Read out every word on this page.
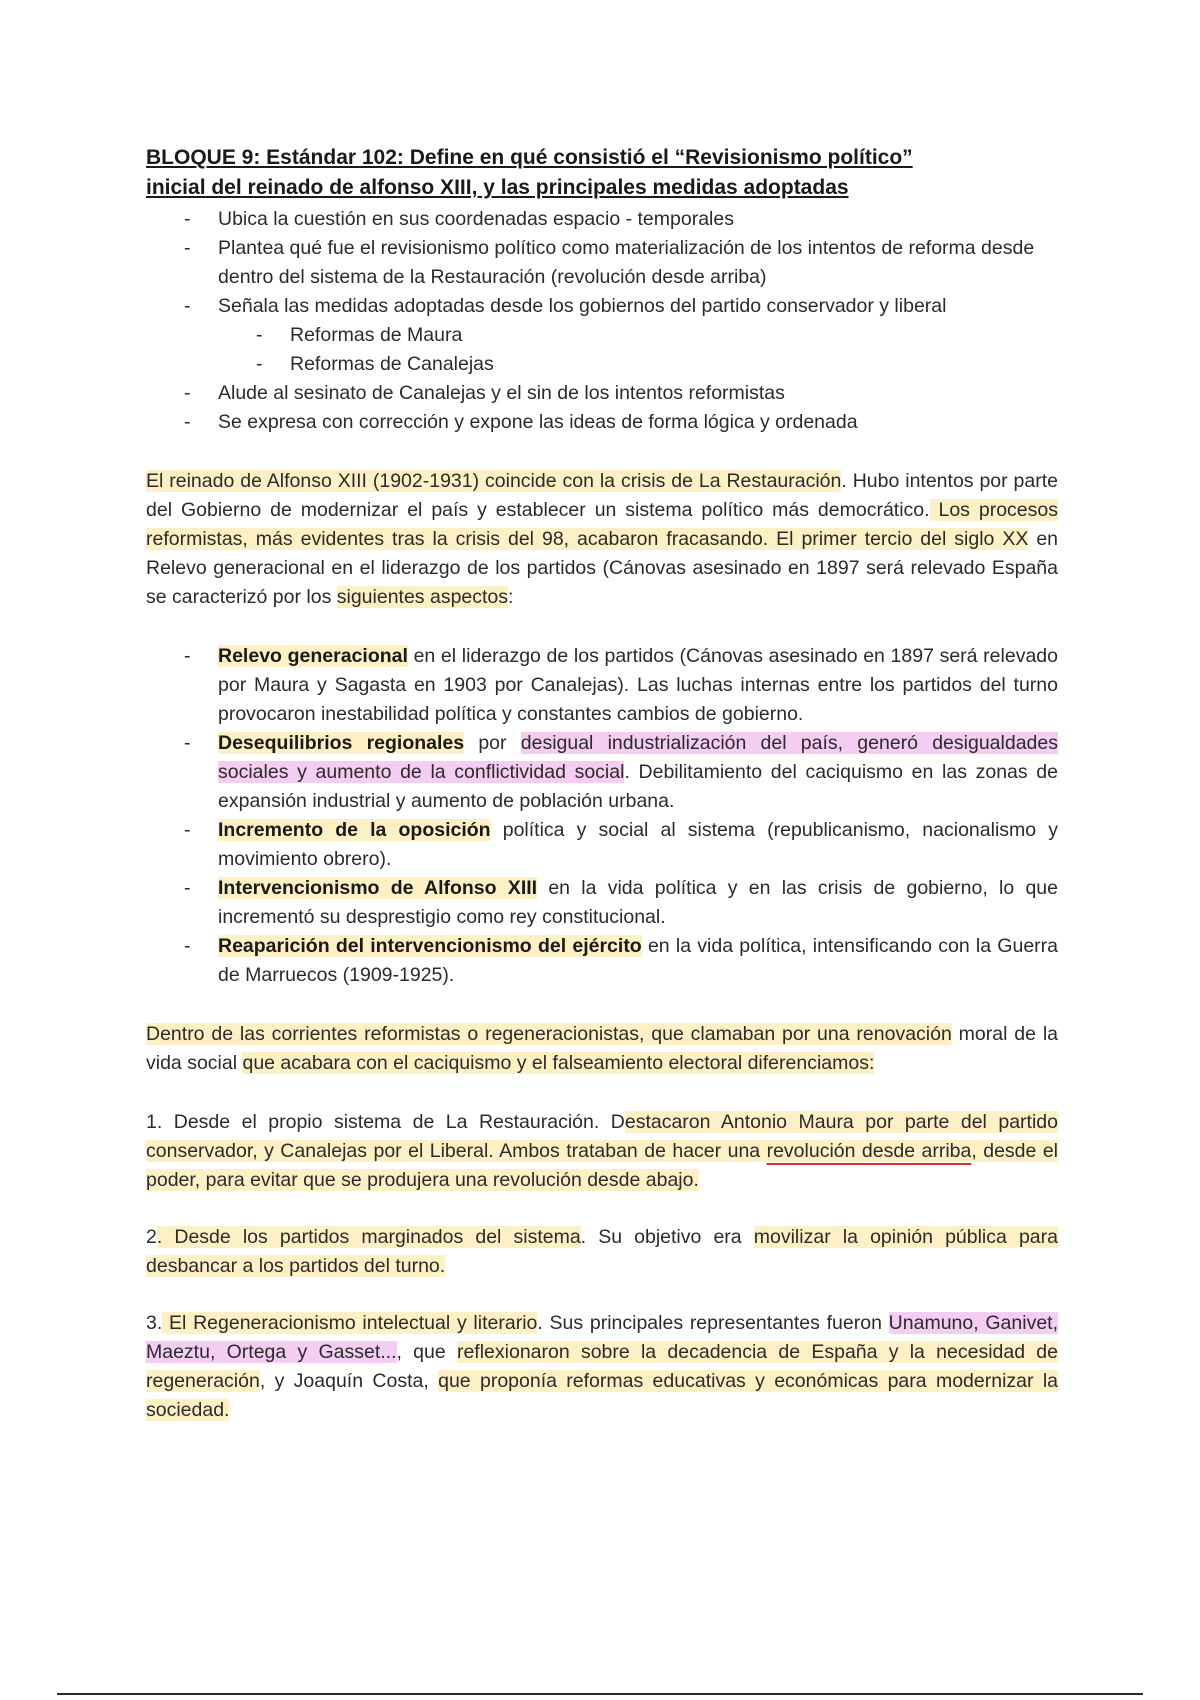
BLOQUE 9: Estándar 102: Define en qué consistió el “Revisionismo político”
inicial del reinado de alfonso XIII, y las principales medidas adoptadas

- Ubica la cuestión en sus coordenadas espacio - temporales
- Plantea qué fue el revisionismo político como materialización de los intentos de reforma desde dentro del sistema de la Restauración (revolución desde arriba)
- Señala las medidas adoptadas desde los gobiernos del partido conservador y liberal
- Reformas de Maura
- Reformas de Canalejas
- Alude al sesinato de Canalejas y el sin de los intentos reformistas
- Se expresa con corrección y expone las ideas de forma lógica y ordenada

El reinado de Alfonso XIII (1902-1931) coincide con la crisis de La Restauración. Hubo intentos por parte del Gobierno de modernizar el país y establecer un sistema político más democrático. Los procesos reformistas, más evidentes tras la crisis del 98, acabaron fracasando. El primer tercio del siglo XX en Relevo generacional en el liderazgo de los partidos (Cánovas asesinado en 1897 será relevado España se caracterizó por los siguientes aspectos:

- Relevo generacional en el liderazgo de los partidos (Cánovas asesinado en 1897 será relevado por Maura y Sagasta en 1903 por Canalejas). Las luchas internas entre los partidos del turno provocaron inestabilidad política y constantes cambios de gobierno.
- Desequilibrios regionales por desigual industrialización del país, generó desigualdades sociales y aumento de la conflictividad social. Debilitamiento del caciquismo en las zonas de expansión industrial y aumento de población urbana.
- Incremento de la oposición política y social al sistema (republicanismo, nacionalismo y movimiento obrero).
- Intervencionismo de Alfonso XIII en la vida política y en las crisis de gobierno, lo que incrementó su desprestigio como rey constitucional.
- Reaparición del intervencionismo del ejército en la vida política, intensificando con la Guerra de Marruecos (1909-1925).

Dentro de las corrientes reformistas o regeneracionistas, que clamaban por una renovación moral de la vida social que acabara con el caciquismo y el falseamiento electoral diferenciamos:

1. Desde el propio sistema de La Restauración. Destacaron Antonio Maura por parte del partido conservador, y Canalejas por el Liberal. Ambos trataban de hacer una revolución desde arriba, desde el poder, para evitar que se produjera una revolución desde abajo.

2. Desde los partidos marginados del sistema. Su objetivo era movilizar la opinión pública para desbancar a los partidos del turno.

3. El Regeneracionismo intelectual y literario. Sus principales representantes fueron Unamuno, Ganivet, Maeztu, Ortega y Gasset..., que reflexionaron sobre la decadencia de España y la necesidad de regeneración, y Joaquín Costa, que proponía reformas educativas y económicas para modernizar la sociedad.
